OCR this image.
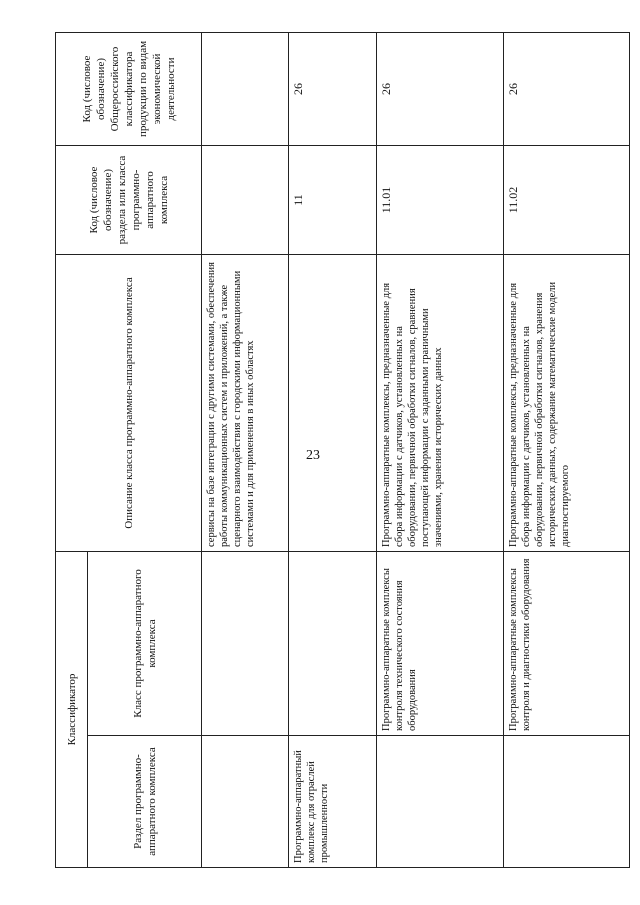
23
Классификатор		Описание класса программно-аппаратного комплекса	Код (числовое обозначение) раздела или класса программно-аппаратного комплекса	Код (числовое обозначение) Общероссийского классификатора продукции по видам экономической деятельности
Раздел программно-аппаратного комплекса	Класс программно-аппаратного комплекса			
		сервисы на базе интеграции с другими системами, обеспечения работы коммуникационных систем и приложений, а также сценарного взаимодействия с городскими информационными системами и для применения в иных областях		
Программно-аппаратный комплекс для отраслей промышленности			11	26
	Программно-аппаратные комплексы контроля технического состояния оборудования	Программно-аппаратные комплексы, предназначенные для сбора информации с датчиков, установленных на оборудовании, первичной обработки сигналов, сравнения поступающей информации с заданными граничными значениями, хранения исторических данных	11.01	26
	Программно-аппаратные комплексы контроля и диагностики оборудования	Программно-аппаратные комплексы, предназначенные для сбора информации с датчиков, установленных на оборудовании, первичной обработки сигналов, хранения исторических данных, содержание математические модели диагностируемого	11.02	26
